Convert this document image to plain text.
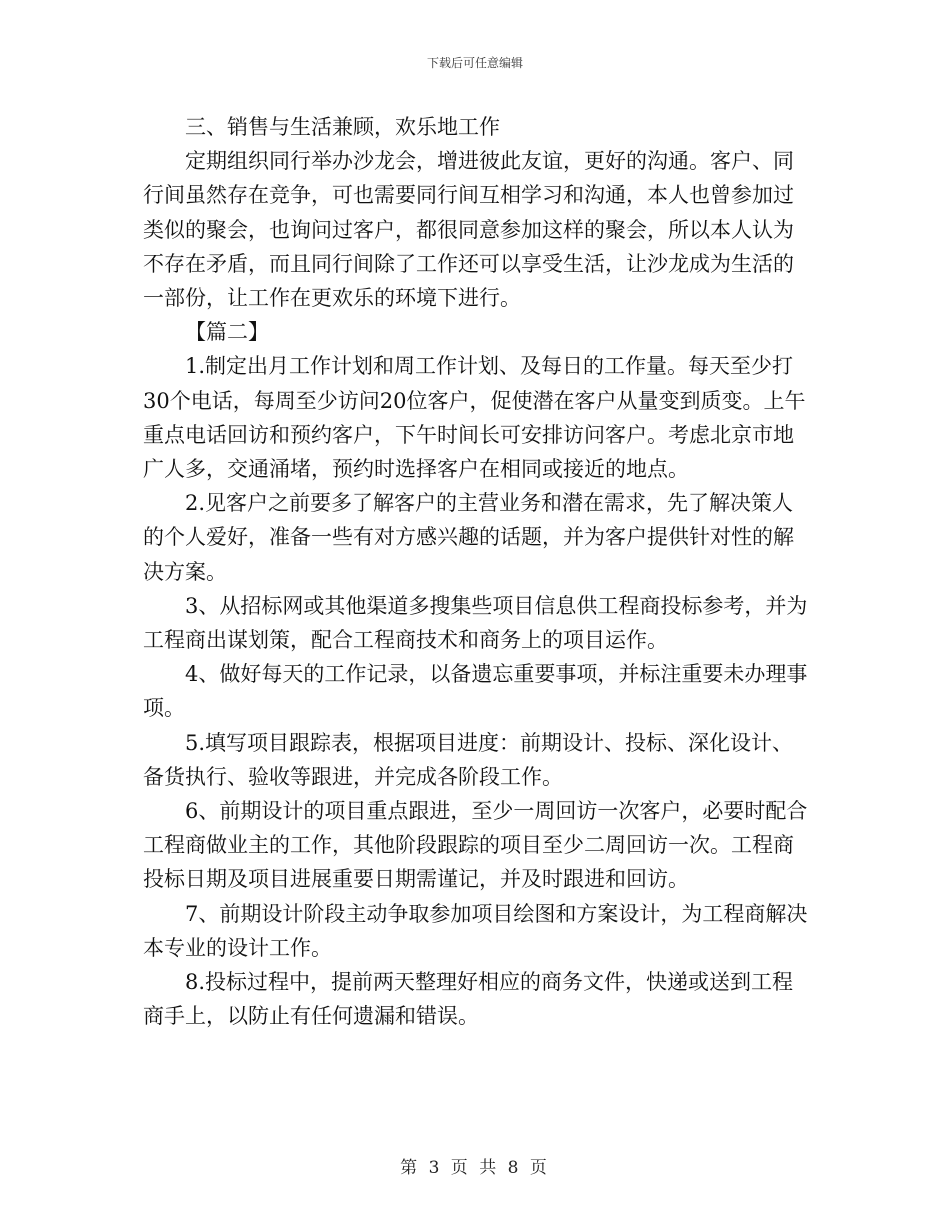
下载后可任意编辑

三、销售与生活兼顾，欢乐地工作

定期组织同行举办沙龙会，增进彼此友谊，更好的沟通。客户、同行间虽然存在竞争，可也需要同行间互相学习和沟通，本人也曾参加过类似的聚会，也询问过客户，都很同意参加这样的聚会，所以本人认为不存在矛盾，而且同行间除了工作还可以享受生活，让沙龙成为生活的一部份，让工作在更欢乐的环境下进行。

【篇二】

1.制定出月工作计划和周工作计划、及每日的工作量。每天至少打30个电话，每周至少访问20位客户，促使潜在客户从量变到质变。上午重点电话回访和预约客户，下午时间长可安排访问客户。考虑北京市地广人多，交通涌堵，预约时选择客户在相同或接近的地点。

2.见客户之前要多了解客户的主营业务和潜在需求，先了解决策人的个人爱好，准备一些有对方感兴趣的话题，并为客户提供针对性的解决方案。

3、从招标网或其他渠道多搜集些项目信息供工程商投标参考，并为工程商出谋划策，配合工程商技术和商务上的项目运作。

4、做好每天的工作记录，以备遗忘重要事项，并标注重要未办理事项。

5.填写项目跟踪表，根据项目进度：前期设计、投标、深化设计、备货执行、验收等跟进，并完成各阶段工作。

6、前期设计的项目重点跟进，至少一周回访一次客户，必要时配合工程商做业主的工作，其他阶段跟踪的项目至少二周回访一次。工程商投标日期及项目进展重要日期需谨记，并及时跟进和回访。

7、前期设计阶段主动争取参加项目绘图和方案设计，为工程商解决本专业的设计工作。

8.投标过程中，提前两天整理好相应的商务文件，快递或送到工程商手上，以防止有任何遗漏和错误。

第 3 页 共 8 页
